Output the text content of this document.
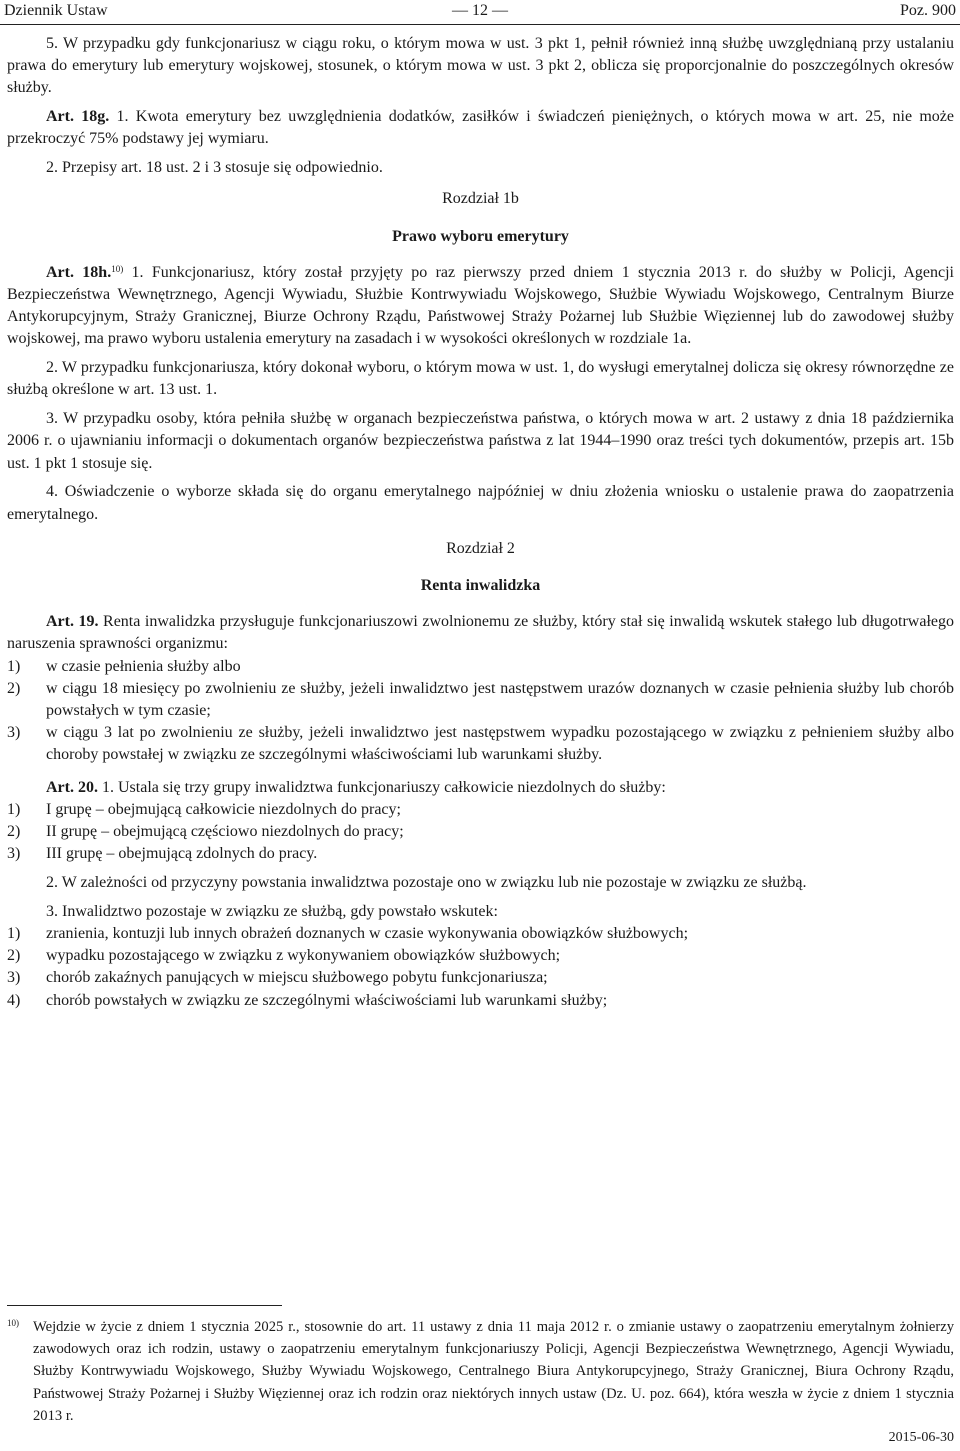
Dziennik Ustaw	— 12 —	Poz. 900

5. W przypadku gdy funkcjonariusz w ciągu roku, o którym mowa w ust. 3 pkt 1, pełnił również inną służbę uwzględnianą przy ustalaniu prawa do emerytury lub emerytury wojskowej, stosunek, o którym mowa w ust. 3 pkt 2, oblicza się proporcjonalnie do poszczególnych okresów służby.

Art. 18g. 1. Kwota emerytury bez uwzględnienia dodatków, zasiłków i świadczeń pieniężnych, o których mowa w art. 25, nie może przekroczyć 75% podstawy jej wymiaru.

2. Przepisy art. 18 ust. 2 i 3 stosuje się odpowiednio.

Rozdział 1b

Prawo wyboru emerytury

Art. 18h.$^{10)}$ 1. Funkcjonariusz, który został przyjęty po raz pierwszy przed dniem 1 stycznia 2013 r. do służby w Policji, Agencji Bezpieczeństwa Wewnętrznego, Agencji Wywiadu, Służbie Kontrwywiadu Wojskowego, Służbie Wywiadu Wojskowego, Centralnym Biurze Antykorupcyjnym, Straży Granicznej, Biurze Ochrony Rządu, Państwowej Straży Pożarnej lub Służbie Więziennej lub do zawodowej służby wojskowej, ma prawo wyboru ustalenia emerytury na zasadach i w wysokości określonych w rozdziale 1a.

2. W przypadku funkcjonariusza, który dokonał wyboru, o którym mowa w ust. 1, do wysługi emerytalnej dolicza się okresy równorzędne ze służbą określone w art. 13 ust. 1.

3. W przypadku osoby, która pełniła służbę w organach bezpieczeństwa państwa, o których mowa w art. 2 ustawy z dnia 18 października 2006 r. o ujawnianiu informacji o dokumentach organów bezpieczeństwa państwa z lat 1944–1990 oraz treści tych dokumentów, przepis art. 15b ust. 1 pkt 1 stosuje się.

4. Oświadczenie o wyborze składa się do organu emerytalnego najpóźniej w dniu złożenia wniosku o ustalenie prawa do zaopatrzenia emerytalnego.

Rozdział 2

Renta inwalidzka

Art. 19. Renta inwalidzka przysługuje funkcjonariuszowi zwolnionemu ze służby, który stał się inwalidą wskutek stałego lub długotrwałego naruszenia sprawności organizmu:

1)	w czasie pełnienia służby albo
2)	w ciągu 18 miesięcy po zwolnieniu ze służby, jeżeli inwalidztwo jest następstwem urazów doznanych w czasie pełnienia służby lub chorób powstałych w tym czasie;
3)	w ciągu 3 lat po zwolnieniu ze służby, jeżeli inwalidztwo jest następstwem wypadku pozostającego w związku z pełnieniem służby albo choroby powstałej w związku ze szczególnymi właściwościami lub warunkami służby.

Art. 20. 1. Ustala się trzy grupy inwalidztwa funkcjonariuszy całkowicie niezdolnych do służby:

1)	I grupę – obejmującą całkowicie niezdolnych do pracy;
2)	II grupę – obejmującą częściowo niezdolnych do pracy;
3)	III grupę – obejmującą zdolnych do pracy.

2. W zależności od przyczyny powstania inwalidztwa pozostaje ono w związku lub nie pozostaje w związku ze służbą.

3. Inwalidztwo pozostaje w związku ze służbą, gdy powstało wskutek:

1)	zranienia, kontuzji lub innych obrażeń doznanych w czasie wykonywania obowiązków służbowych;
2)	wypadku pozostającego w związku z wykonywaniem obowiązków służbowych;
3)	chorób zakaźnych panujących w miejscu służbowego pobytu funkcjonariusza;
4)	chorób powstałych w związku ze szczególnymi właściwościami lub warunkami służby;
10) Wejdzie w życie z dniem 1 stycznia 2025 r., stosownie do art. 11 ustawy z dnia 11 maja 2012 r. o zmianie ustawy o zaopatrzeniu emerytalnym żołnierzy zawodowych oraz ich rodzin, ustawy o zaopatrzeniu emerytalnym funkcjonariuszy Policji, Agencji Bezpieczeństwa Wewnętrznego, Agencji Wywiadu, Służby Kontrwywiadu Wojskowego, Służby Wywiadu Wojskowego, Centralnego Biura Antykorupcyjnego, Straży Granicznej, Biura Ochrony Rządu, Państwowej Straży Pożarnej i Służby Więziennej oraz ich rodzin oraz niektórych innych ustaw (Dz. U. poz. 664), która weszła w życie z dniem 1 stycznia 2013 r.
2015-06-30
